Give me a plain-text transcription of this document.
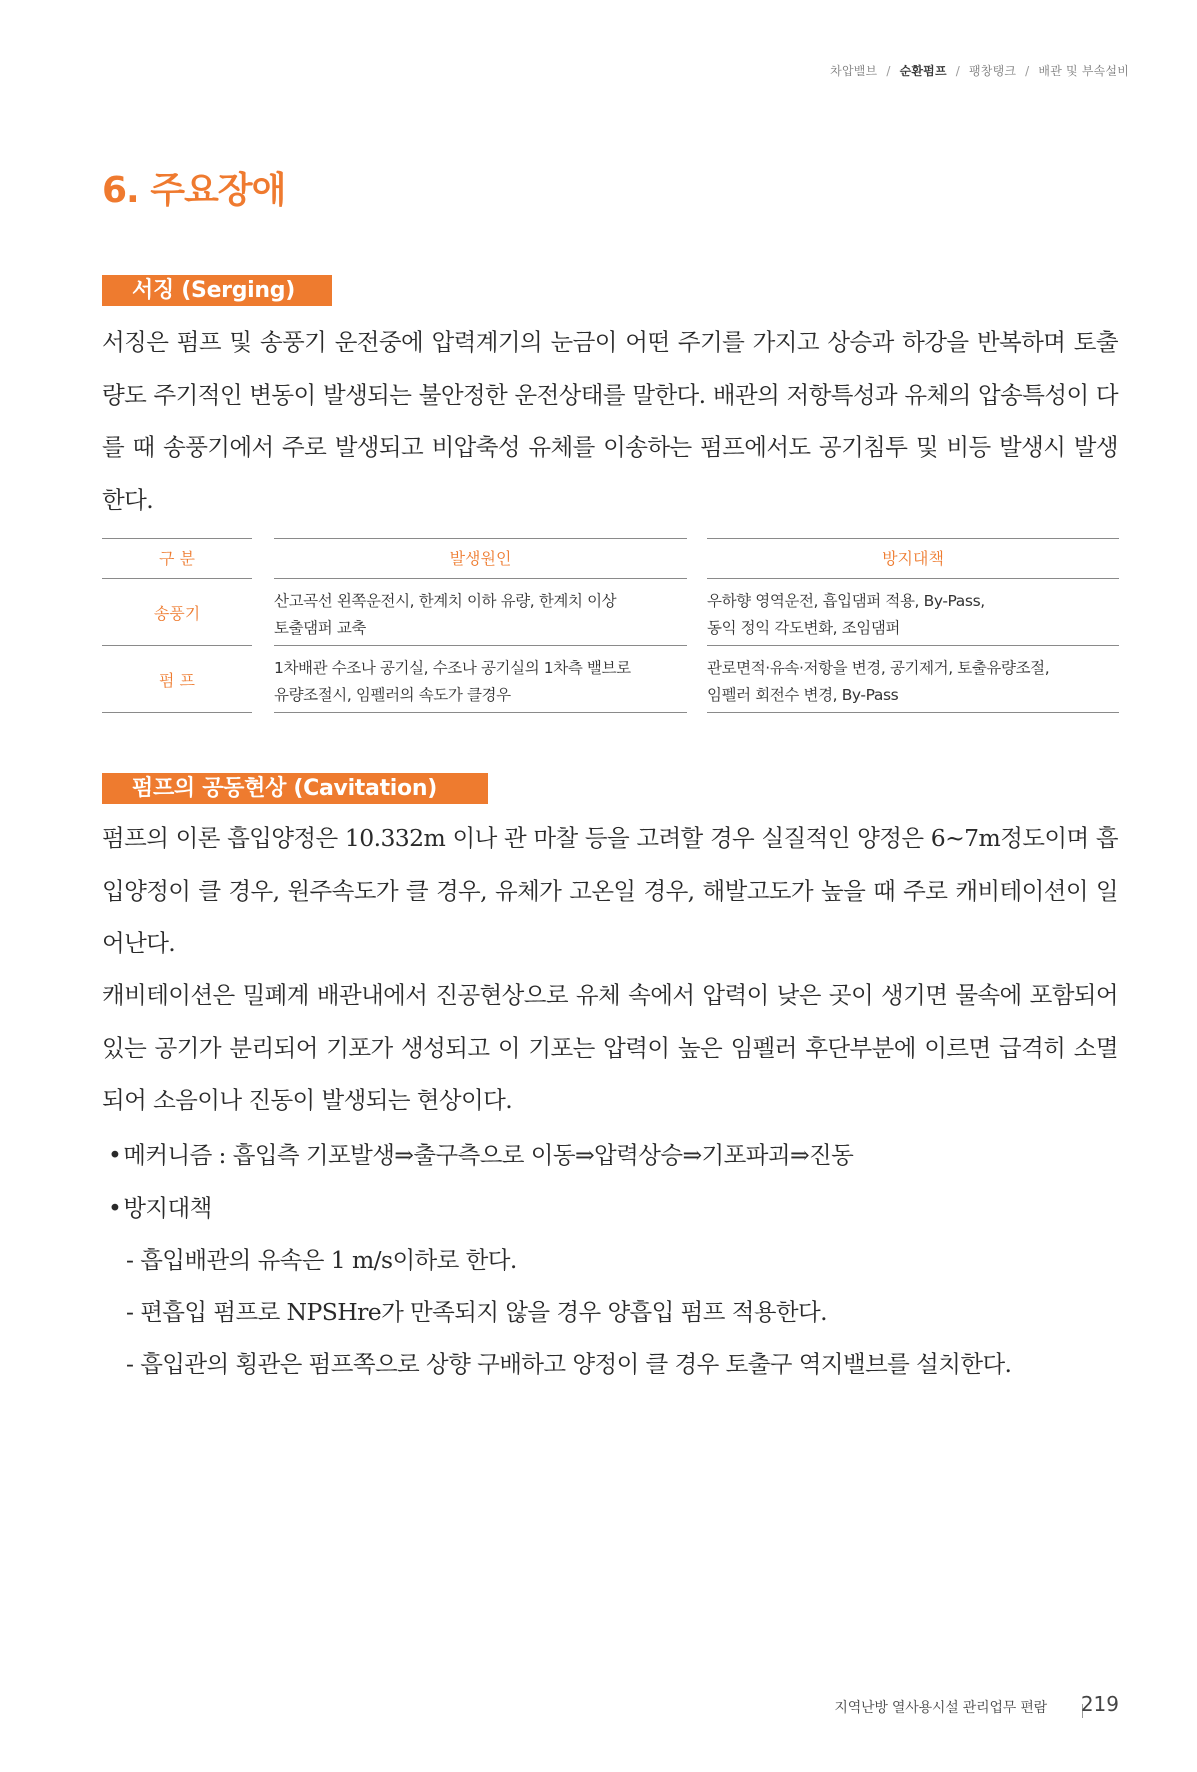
차압밸브 / 순환펌프 / 팽창탱크 / 배관 및 부속설비
6. 주요장애
서징 (Serging)

서징은 펌프 및 송풍기 운전중에 압력계기의 눈금이 어떤 주기를 가지고 상승과 하강을 반복하며 토출량도 주기적인 변동이 발생되는 불안정한 운전상태를 말한다. 배관의 저항특성과 유체의 압송특성이 다를 때 송풍기에서 주로 발생되고 비압축성 유체를 이송하는 펌프에서도 공기침투 및 비등 발생시 발생한다.

구 분
송풍기
펌 프
발생원인
산고곡선 왼쪽운전시, 한계치 이하 유량, 한계치 이상
토출댐퍼 교축
1차배관 수조나 공기실, 수조나 공기실의 1차측 밸브로
유량조절시, 임펠러의 속도가 클경우
방지대책
우하향 영역운전, 흡입댐퍼 적용, By-Pass,
동익 정익 각도변화, 조임댐퍼
관로면적·유속·저항을 변경, 공기제거, 토출유량조절,
임펠러 회전수 변경, By-Pass
펌프의 공동현상 (Cavitation)

펌프의 이론 흡입양정은 10.332m 이나 관 마찰 등을 고려할 경우 실질적인 양정은 6~7m정도이며 흡입양정이 클 경우, 원주속도가 클 경우, 유체가 고온일 경우, 해발고도가 높을 때 주로 캐비테이션이 일어난다.

캐비테이션은 밀폐계 배관내에서 진공현상으로 유체 속에서 압력이 낮은 곳이 생기면 물속에 포함되어 있는 공기가 분리되어 기포가 생성되고 이 기포는 압력이 높은 임펠러 후단부분에 이르면 급격히 소멸되어 소음이나 진동이 발생되는 현상이다.

•메커니즘 : 흡입측 기포발생⇒출구측으로 이동⇒압력상승⇒기포파괴⇒진동

•방지대책

- 흡입배관의 유속은 1 m/s이하로 한다.

- 편흡입 펌프로 NPSHre가 만족되지 않을 경우 양흡입 펌프 적용한다.

- 흡입관의 횡관은 펌프쪽으로 상향 구배하고 양정이 클 경우 토출구 역지밸브를 설치한다.

지역난방 열사용시설 관리업무 편람 219
